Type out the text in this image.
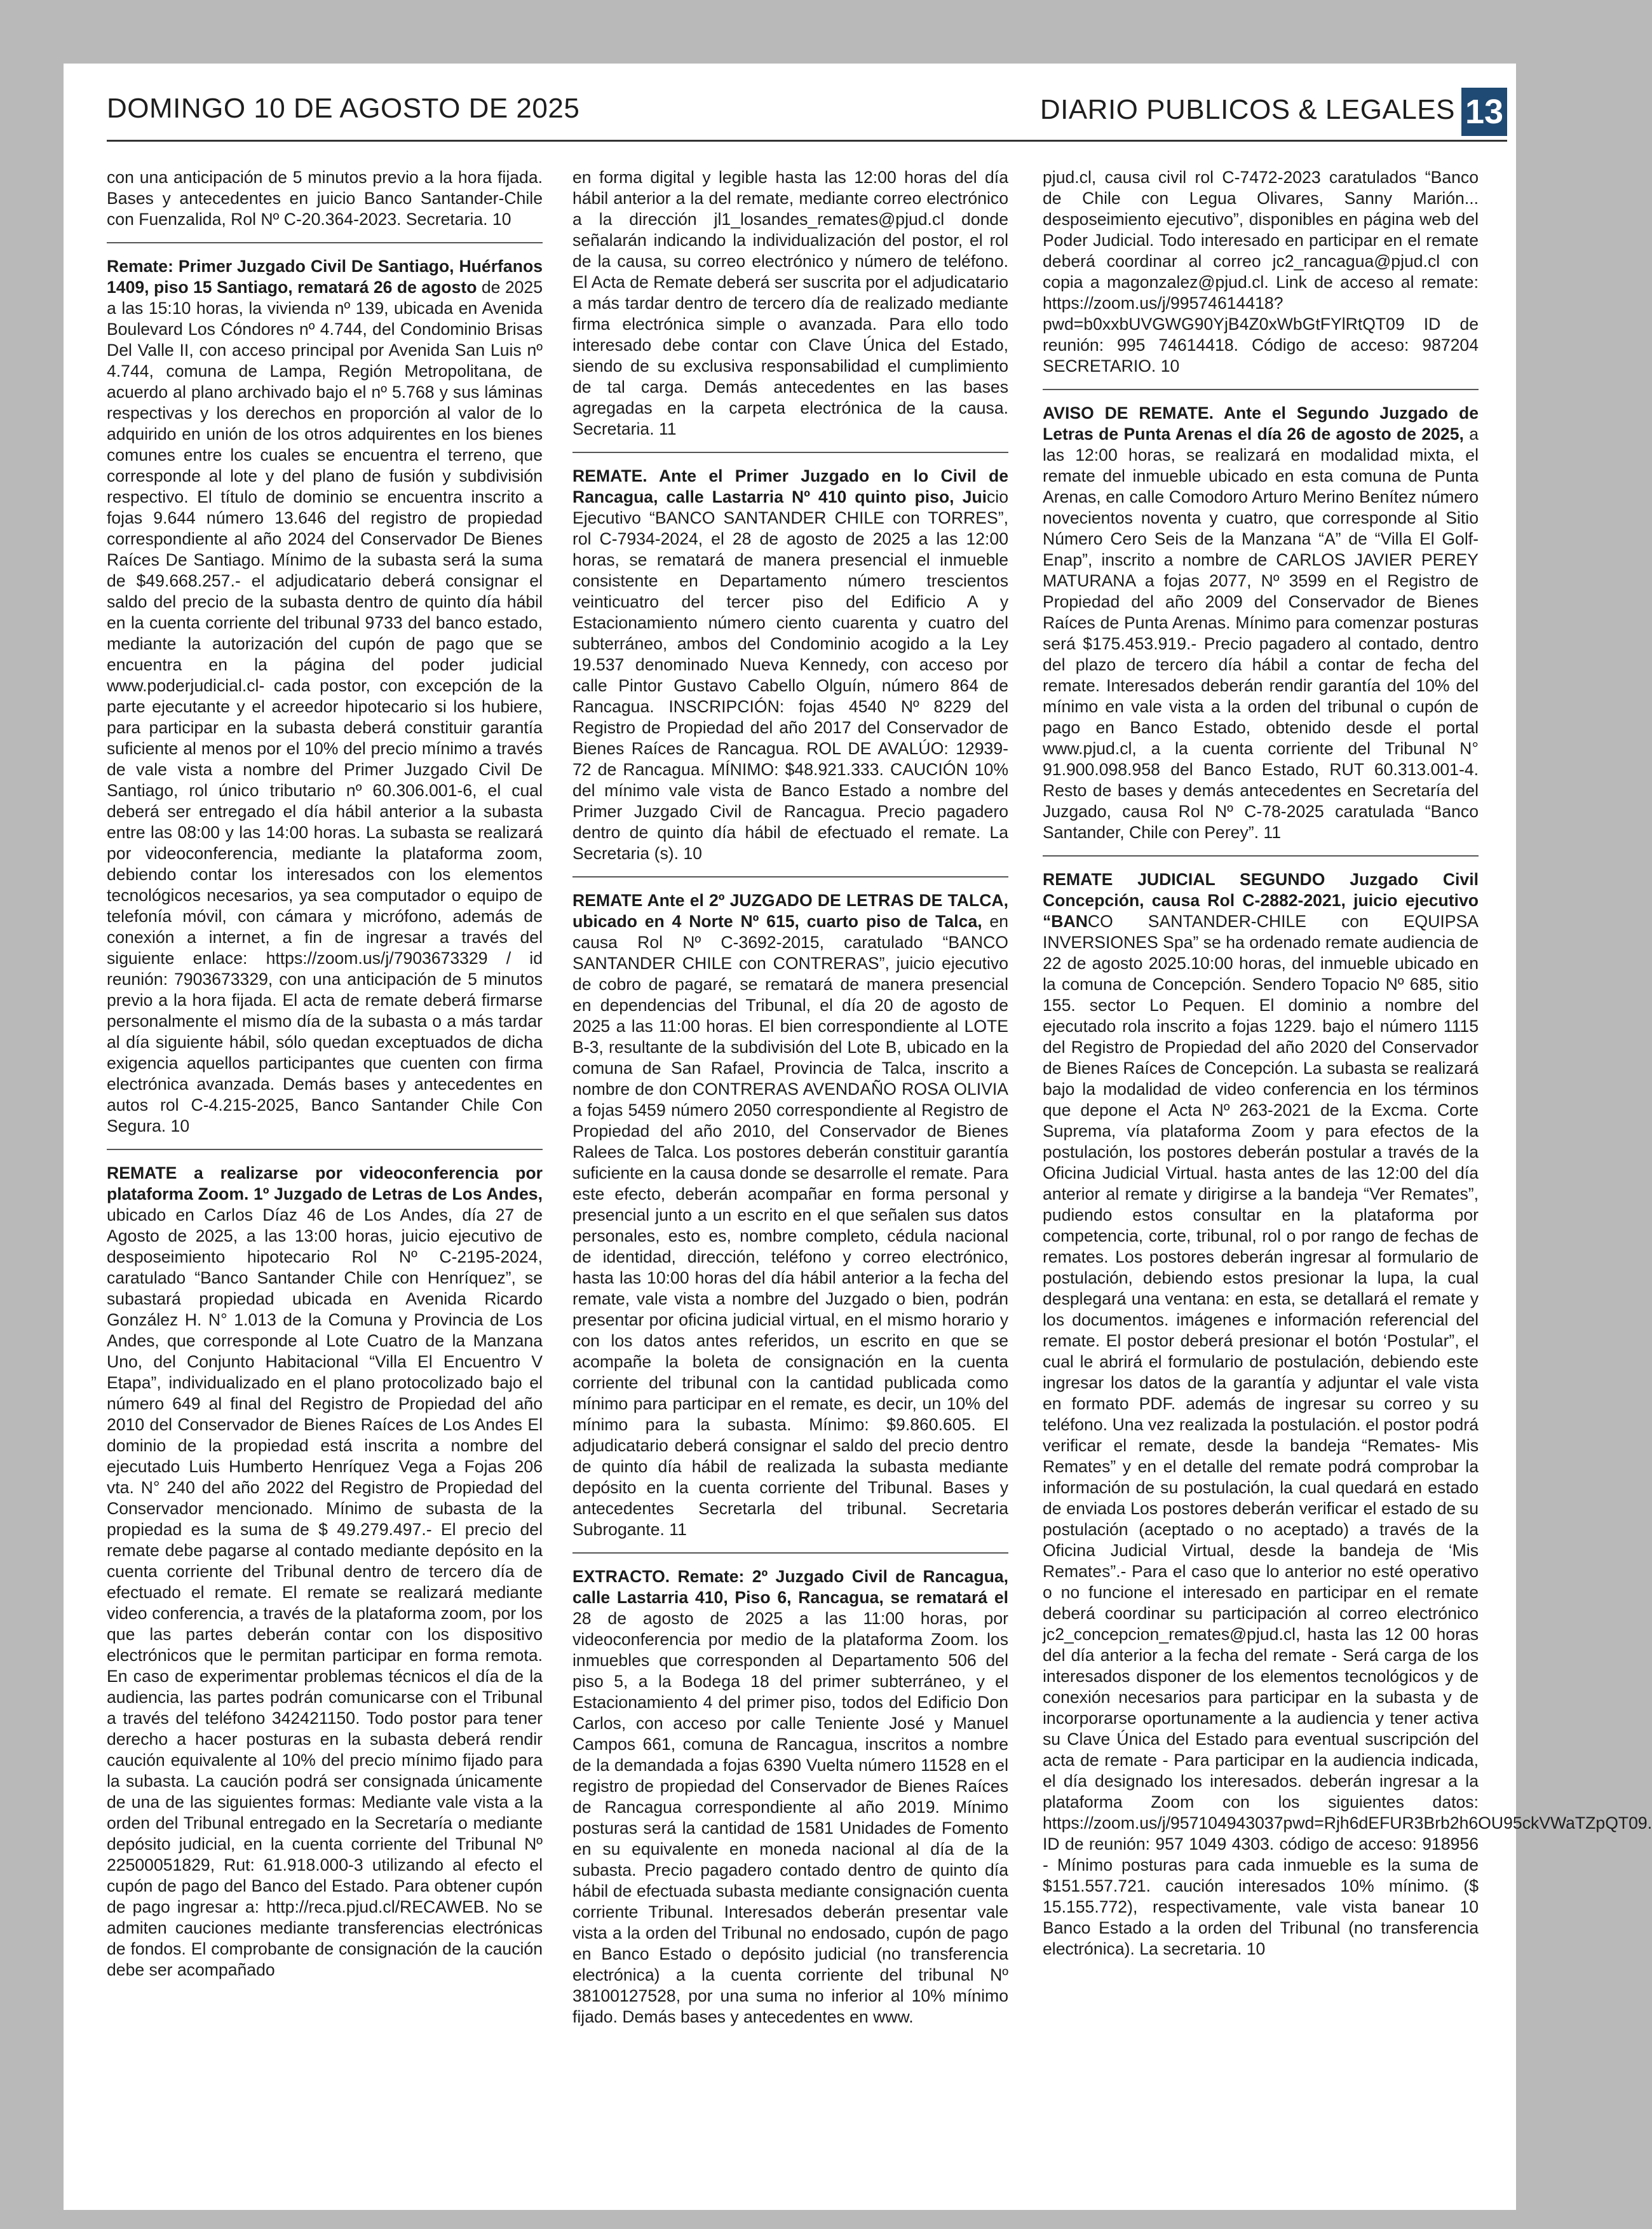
DOMINGO 10 DE AGOSTO DE 2025	DIARIO PUBLICOS & LEGALES 13
con una anticipación de 5 minutos previo a la hora fijada. Bases y antecedentes en juicio Banco Santander-Chile con Fuenzalida, Rol Nº C-20.364-2023. Secretaria. 10
Remate: Primer Juzgado Civil De Santiago, Huérfanos 1409, piso 15 Santiago, rematará 26 de agosto de 2025 a las 15:10 horas, la vivienda nº 139, ubicada en Avenida Boulevard Los Cóndores nº 4.744, del Condominio Brisas Del Valle II, con acceso principal por Avenida San Luis nº 4.744, comuna de Lampa, Región Metropolitana, de acuerdo al plano archivado bajo el nº 5.768 y sus láminas respectivas y los derechos en proporción al valor de lo adquirido en unión de los otros adquirentes en los bienes comunes entre los cuales se encuentra el terreno, que corresponde al lote y del plano de fusión y subdivisión respectivo. El título de dominio se encuentra inscrito a fojas 9.644 número 13.646 del registro de propiedad correspondiente al año 2024 del Conservador De Bienes Raíces De Santiago. Mínimo de la subasta será la suma de $49.668.257.- el adjudicatario deberá consignar el saldo del precio de la subasta dentro de quinto día hábil en la cuenta corriente del tribunal 9733 del banco estado, mediante la autorización del cupón de pago que se encuentra en la página del poder judicial www.poderjudicial.cl- cada postor, con excepción de la parte ejecutante y el acreedor hipotecario si los hubiere, para participar en la subasta deberá constituir garantía suficiente al menos por el 10% del precio mínimo a través de vale vista a nombre del Primer Juzgado Civil De Santiago, rol único tributario nº 60.306.001-6, el cual deberá ser entregado el día hábil anterior a la subasta entre las 08:00 y las 14:00 horas. La subasta se realizará por videoconferencia, mediante la plataforma zoom, debiendo contar los interesados con los elementos tecnológicos necesarios, ya sea computador o equipo de telefonía móvil, con cámara y micrófono, además de conexión a internet, a fin de ingresar a través del siguiente enlace: https://zoom.us/j/7903673329 / id reunión: 7903673329, con una anticipación de 5 minutos previo a la hora fijada. El acta de remate deberá firmarse personalmente el mismo día de la subasta o a más tardar al día siguiente hábil, sólo quedan exceptuados de dicha exigencia aquellos participantes que cuenten con firma electrónica avanzada. Demás bases y antecedentes en autos rol C-4.215-2025, Banco Santander Chile Con Segura. 10
REMATE a realizarse por videoconferencia por plataforma Zoom. 1º Juzgado de Letras de Los Andes, ubicado en Carlos Díaz 46 de Los Andes, día 27 de Agosto de 2025, a las 13:00 horas, juicio ejecutivo de desposeimiento hipotecario Rol Nº C-2195-2024, caratulado “Banco Santander Chile con Henríquez”, se subastará propiedad ubicada en Avenida Ricardo González H. N° 1.013 de la Comuna y Provincia de Los Andes, que corresponde al Lote Cuatro de la Manzana Uno, del Conjunto Habitacional “Villa El Encuentro V Etapa”, individualizado en el plano protocolizado bajo el número 649 al final del Registro de Propiedad del año 2010 del Conservador de Bienes Raíces de Los Andes El dominio de la propiedad está inscrita a nombre del ejecutado Luis Humberto Henríquez Vega a Fojas 206 vta. N° 240 del año 2022 del Registro de Propiedad del Conservador mencionado. Mínimo de subasta de la propiedad es la suma de $ 49.279.497.- El precio del remate debe pagarse al contado mediante depósito en la cuenta corriente del Tribunal dentro de tercero día de efectuado el remate. El remate se realizará mediante video conferencia, a través de la plataforma zoom, por los que las partes deberán contar con los dispositivo electrónicos que le permitan participar en forma remota. En caso de experimentar problemas técnicos el día de la audiencia, las partes podrán comunicarse con el Tribunal a través del teléfono 342421150. Todo postor para tener derecho a hacer posturas en la subasta deberá rendir caución equivalente al 10% del precio mínimo fijado para la subasta. La caución podrá ser consignada únicamente de una de las siguientes formas: Mediante vale vista a la orden del Tribunal entregado en la Secretaría o mediante depósito judicial, en la cuenta corriente del Tribunal Nº 22500051829, Rut: 61.918.000-3 utilizando al efecto el cupón de pago del Banco del Estado. Para obtener cupón de pago ingresar a: http://reca.pjud.cl/RECAWEB. No se admiten cauciones mediante transferencias electrónicas de fondos. El comprobante de consignación de la caución debe ser acompañado
en forma digital y legible hasta las 12:00 horas del día hábil anterior a la del remate, mediante correo electrónico a la dirección jl1_losandes_remates@pjud.cl donde señalarán indicando la individualización del postor, el rol de la causa, su correo electrónico y número de teléfono. El Acta de Remate deberá ser suscrita por el adjudicatario a más tardar dentro de tercero día de realizado mediante firma electrónica simple o avanzada. Para ello todo interesado debe contar con Clave Única del Estado, siendo de su exclusiva responsabilidad el cumplimiento de tal carga. Demás antecedentes en las bases agregadas en la carpeta electrónica de la causa. Secretaria. 11
REMATE. Ante el Primer Juzgado en lo Civil de Rancagua, calle Lastarria Nº 410 quinto piso, Juicio Ejecutivo “BANCO SANTANDER CHILE con TORRES”, rol C-7934-2024, el 28 de agosto de 2025 a las 12:00 horas, se rematará de manera presencial el inmueble consistente en Departamento número trescientos veinticuatro del tercer piso del Edificio A y Estacionamiento número ciento cuarenta y cuatro del subterráneo, ambos del Condominio acogido a la Ley 19.537 denominado Nueva Kennedy, con acceso por calle Pintor Gustavo Cabello Olguín, número 864 de Rancagua. INSCRIPCIÓN: fojas 4540 Nº 8229 del Registro de Propiedad del año 2017 del Conservador de Bienes Raíces de Rancagua. ROL DE AVALÚO: 12939-72 de Rancagua. MÍNIMO: $48.921.333. CAUCIÓN 10% del mínimo vale vista de Banco Estado a nombre del Primer Juzgado Civil de Rancagua. Precio pagadero dentro de quinto día hábil de efectuado el remate. La Secretaria (s). 10
REMATE Ante el 2º JUZGADO DE LETRAS DE TALCA, ubicado en 4 Norte Nº 615, cuarto piso de Talca, en causa Rol Nº C-3692-2015, caratulado “BANCO SANTANDER CHILE con CONTRERAS”, juicio ejecutivo de cobro de pagaré, se rematará de manera presencial en dependencias del Tribunal, el día 20 de agosto de 2025 a las 11:00 horas. El bien correspondiente al LOTE B-3, resultante de la subdivisión del Lote B, ubicado en la comuna de San Rafael, Provincia de Talca, inscrito a nombre de don CONTRERAS AVENDAÑO ROSA OLIVIA a fojas 5459 número 2050 correspondiente al Registro de Propiedad del año 2010, del Conservador de Bienes Ralees de Talca. Los postores deberán constituir garantía suficiente en la causa donde se desarrolle el remate. Para este efecto, deberán acompañar en forma personal y presencial junto a un escrito en el que señalen sus datos personales, esto es, nombre completo, cédula nacional de identidad, dirección, teléfono y correo electrónico, hasta las 10:00 horas del día hábil anterior a la fecha del remate, vale vista a nombre del Juzgado o bien, podrán presentar por oficina judicial virtual, en el mismo horario y con los datos antes referidos, un escrito en que se acompañe la boleta de consignación en la cuenta corriente del tribunal con la cantidad publicada como mínimo para participar en el remate, es decir, un 10% del mínimo para la subasta. Mínimo: $9.860.605. El adjudicatario deberá consignar el saldo del precio dentro de quinto día hábil de realizada la subasta mediante depósito en la cuenta corriente del Tribunal. Bases y antecedentes Secretarla del tribunal. Secretaria Subrogante. 11
EXTRACTO. Remate: 2º Juzgado Civil de Rancagua, calle Lastarria 410, Piso 6, Rancagua, se rematará el 28 de agosto de 2025 a las 11:00 horas, por videoconferencia por medio de la plataforma Zoom. los inmuebles que corresponden al Departamento 506 del piso 5, a la Bodega 18 del primer subterráneo, y el Estacionamiento 4 del primer piso, todos del Edificio Don Carlos, con acceso por calle Teniente José y Manuel Campos 661, comuna de Rancagua, inscritos a nombre de la demandada a fojas 6390 Vuelta número 11528 en el registro de propiedad del Conservador de Bienes Raíces de Rancagua correspondiente al año 2019. Mínimo posturas será la cantidad de 1581 Unidades de Fomento en su equivalente en moneda nacional al día de la subasta. Precio pagadero contado dentro de quinto día hábil de efectuada subasta mediante consignación cuenta corriente Tribunal. Interesados deberán presentar vale vista a la orden del Tribunal no endosado, cupón de pago en Banco Estado o depósito judicial (no transferencia electrónica) a la cuenta corriente del tribunal Nº 38100127528, por una suma no inferior al 10% mínimo fijado. Demás bases y antecedentes en www.
pjud.cl, causa civil rol C-7472-2023 caratulados “Banco de Chile con Legua Olivares, Sanny Marión... desposeimiento ejecutivo”, disponibles en página web del Poder Judicial. Todo interesado en participar en el remate deberá coordinar al correo jc2_rancagua@pjud.cl con copia a magonzalez@pjud.cl. Link de acceso al remate: https://zoom.us/j/99574614418?pwd=b0xxbUVGWG90YjB4Z0xWbGtFYlRtQT09 ID de reunión: 995 74614418. Código de acceso: 987204 SECRETARIO. 10
AVISO DE REMATE. Ante el Segundo Juzgado de Letras de Punta Arenas el día 26 de agosto de 2025, a las 12:00 horas, se realizará en modalidad mixta, el remate del inmueble ubicado en esta comuna de Punta Arenas, en calle Comodoro Arturo Merino Benítez número novecientos noventa y cuatro, que corresponde al Sitio Número Cero Seis de la Manzana “A” de “Villa El Golf- Enap”, inscrito a nombre de CARLOS JAVIER PEREY MATURANA a fojas 2077, Nº 3599 en el Registro de Propiedad del año 2009 del Conservador de Bienes Raíces de Punta Arenas. Mínimo para comenzar posturas será $175.453.919.- Precio pagadero al contado, dentro del plazo de tercero día hábil a contar de fecha del remate. Interesados deberán rendir garantía del 10% del mínimo en vale vista a la orden del tribunal o cupón de pago en Banco Estado, obtenido desde el portal www.pjud.cl, a la cuenta corriente del Tribunal N° 91.900.098.958 del Banco Estado, RUT 60.313.001-4. Resto de bases y demás antecedentes en Secretaría del Juzgado, causa Rol Nº C-78-2025 caratulada “Banco Santander, Chile con Perey”. 11
REMATE JUDICIAL SEGUNDO Juzgado Civil Concepción, causa Rol C-2882-2021, juicio ejecutivo “BANCO SANTANDER-CHILE con EQUIPSA INVERSIONES Spa” se ha ordenado remate audiencia de 22 de agosto 2025.10:00 horas, del inmueble ubicado en la comuna de Concepción. Sendero Topacio Nº 685, sitio 155. sector Lo Pequen. El dominio a nombre del ejecutado rola inscrito a fojas 1229. bajo el número 1115 del Registro de Propiedad del año 2020 del Conservador de Bienes Raíces de Concepción. La subasta se realizará bajo la modalidad de video conferencia en los términos que depone el Acta Nº 263-2021 de la Excma. Corte Suprema, vía plataforma Zoom y para efectos de la postulación, los postores deberán postular a través de la Oficina Judicial Virtual. hasta antes de las 12:00 del día anterior al remate y dirigirse a la bandeja “Ver Remates”, pudiendo estos consultar en la plataforma por competencia, corte, tribunal, rol o por rango de fechas de remates. Los postores deberán ingresar al formulario de postulación, debiendo estos presionar la lupa, la cual desplegará una ventana: en esta, se detallará el remate y los documentos. imágenes e información referencial del remate. El postor deberá presionar el botón ‘Postular”, el cual le abrirá el formulario de postulación, debiendo este ingresar los datos de la garantía y adjuntar el vale vista en formato PDF. además de ingresar su correo y su teléfono. Una vez realizada la postulación. el postor podrá verificar el remate, desde la bandeja “Remates- Mis Remates” y en el detalle del remate podrá comprobar la información de su postulación, la cual quedará en estado de enviada Los postores deberán verificar el estado de su postulación (aceptado o no aceptado) a través de la Oficina Judicial Virtual, desde la bandeja de ‘Mis Remates”.- Para el caso que lo anterior no esté operativo o no funcione el interesado en participar en el remate deberá coordinar su participación al correo electrónico jc2_concepcion_remates@pjud.cl, hasta las 12 00 horas del día anterior a la fecha del remate - Será carga de los interesados disponer de los elementos tecnológicos y de conexión necesarios para participar en la subasta y de incorporarse oportunamente a la audiencia y tener activa su Clave Única del Estado para eventual suscripción del acta de remate - Para participar en la audiencia indicada, el día designado los interesados. deberán ingresar a la plataforma Zoom con los siguientes datos: https://zoom.us/j/957104943037pwd=Rjh6dEFUR3Brb2h6OU95ckVWaTZpQT09. ID de reunión: 957 1049 4303. código de acceso: 918956 - Mínimo posturas para cada inmueble es la suma de $151.557.721. caución interesados 10% mínimo. ($ 15.155.772), respectivamente, vale vista banear 10 Banco Estado a la orden del Tribunal (no transferencia electrónica). La secretaria. 10
